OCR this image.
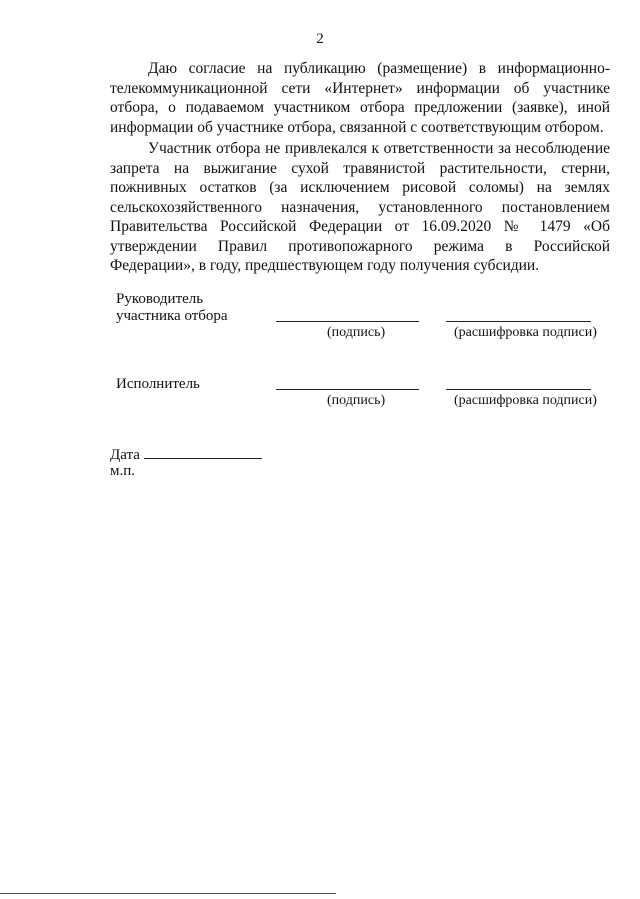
2

Даю согласие на публикацию (размещение) в информационно-телекоммуникационной сети «Интернет» информации об участнике отбора, о подаваемом участником отбора предложении (заявке), иной информации об участнике отбора, связанной с соответствующим отбором.

Участник отбора не привлекался к ответственности за несоблюдение запрета на выжигание сухой травянистой растительности, стерни, пожнивных остатков (за исключением рисовой соломы) на землях сельскохозяйственного назначения, установленного постановлением Правительства Российской Федерации от 16.09.2020 № 1479 «Об утверждении Правил противопожарного режима в Российской Федерации», в году, предшествующем году получения субсидии.

Руководитель
участника отбора
(подпись)	(расшифровка подписи)
Исполнитель
(подпись)	(расшифровка подписи)
Дата
м.п.
